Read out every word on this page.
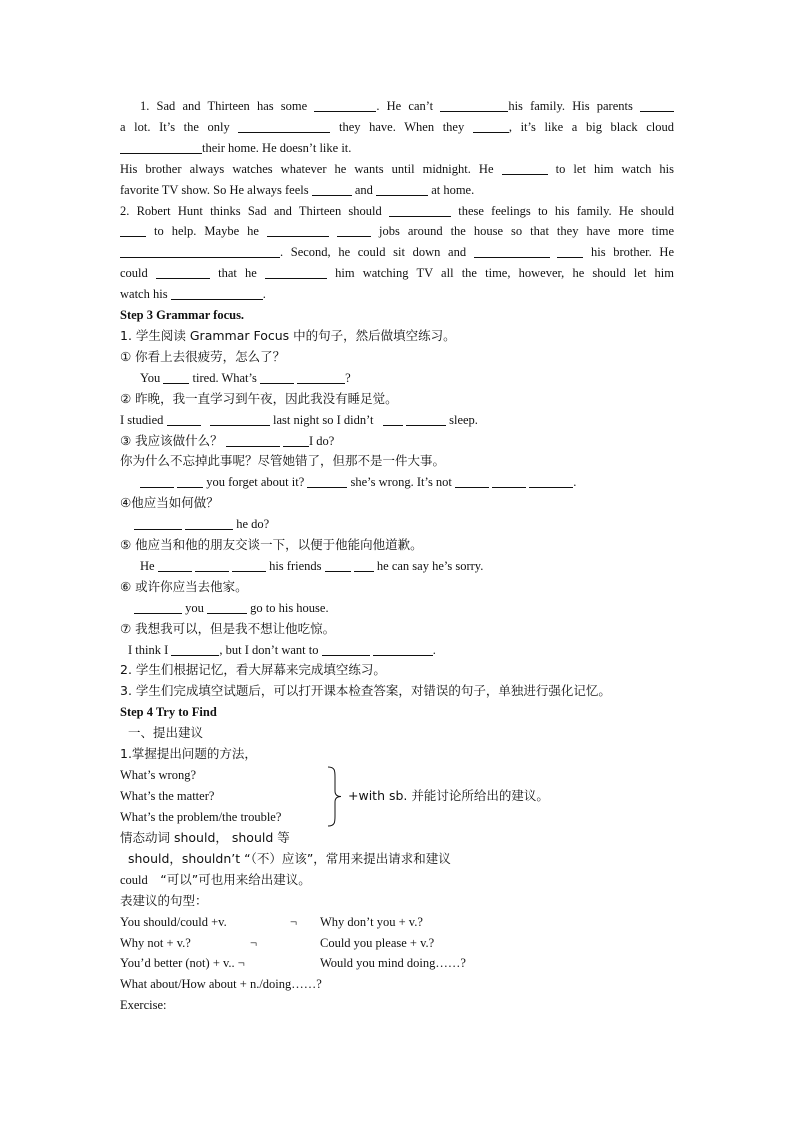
1. Sad and Thirteen has some	. He can’t	his family. His parents
a lot. It’s the only	they have. When they	, it’s like a big black cloud
their home. He doesn’t like it.
His brother always watches whatever he wants until midnight. He	to let him watch his
favorite TV show. So He always feels	and	at home.
2. Robert Hunt thinks Sad and Thirteen should	these feelings to his family. He should
to help. Maybe he	jobs around the house so that they have more time
. Second, he could sit down and	his brother. He
could	that he	him watching TV all the time, however, he should let him
watch his	.
Step 3 Grammar focus.
1. 学生阅读 Grammar Focus 中的句子，然后做填空练习。
① 你看上去很疲劳，怎么了？
You	tired. What’s	?
② 昨晚，我一直学习到午夜，因此我没有睡足觉。
I studied	last night so I didn’t	sleep.
③ 我应该做什么？	I do?
你为什么不忘掉此事呢？尽管她错了，但那不是一件大事。
you forget about it?	she’s wrong. It’s not	.
④他应当如何做？
he do?
⑤ 他应当和他的朋友交谈一下，以便于他能向他道歉。
He	his friends	he can say he’s sorry.
⑥ 或许你应当去他家。
you	go to his house.
⑦ 我想我可以，但是我不想让他吃惊。
I think I	, but I don’t want to	.
2. 学生们根据记忆，看大屏幕来完成填空练习。
3. 学生们完成填空试题后，可以打开课本检查答案，对错误的句子，单独进行强化记忆。
Step 4 Try to Find
一、提出建议
1.掌握提出问题的方法，
What’s wrong?
What’s the matter?
What’s the problem/the trouble?
+with sb. 并能讨论所给出的建议。
情态动词 should， should 等
should，shouldn’t “（不）应该”，常用来提出请求和建议
could “可以”可也用来给出建议。
表建议的句型：
You should/could +v.	¬ Why don’t you + v.?
Why not + v.?	¬	Could you please + v.?
You’d better (not) + v.. ¬	Would you mind doing……?
What about/How about + n./doing……?
Exercise:
